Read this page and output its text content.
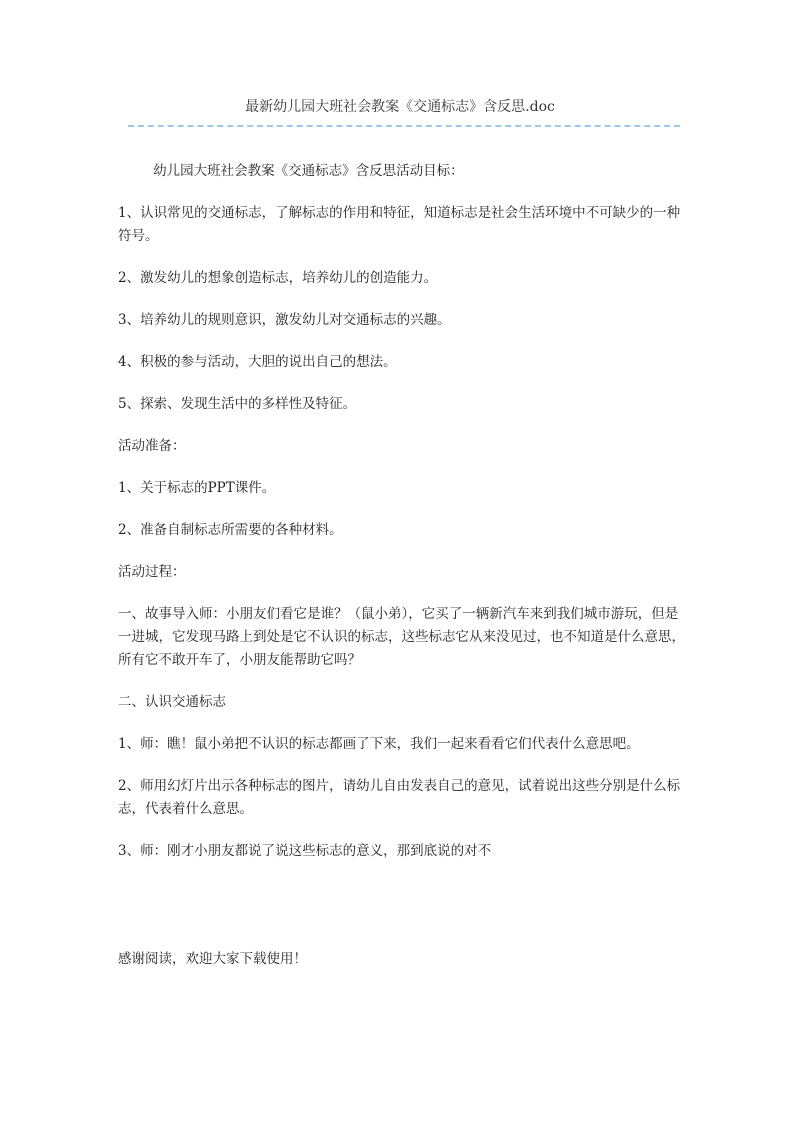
最新幼儿园大班社会教案《交通标志》含反思.doc

幼儿园大班社会教案《交通标志》含反思活动目标：

1、认识常见的交通标志，了解标志的作用和特征，知道标志是社会生活环境中不可缺少的一种符号。

2、激发幼儿的想象创造标志，培养幼儿的创造能力。

3、培养幼儿的规则意识，激发幼儿对交通标志的兴趣。

4、积极的参与活动，大胆的说出自己的想法。

5、探索、发现生活中的多样性及特征。

活动准备：

1、关于标志的PPT课件。

2、准备自制标志所需要的各种材料。

活动过程：

一、故事导入师：小朋友们看它是谁？（鼠小弟），它买了一辆新汽车来到我们城市游玩，但是一进城，它发现马路上到处是它不认识的标志，这些标志它从来没见过，也不知道是什么意思，所有它不敢开车了，小朋友能帮助它吗？

二、认识交通标志

1、师：瞧！鼠小弟把不认识的标志都画了下来，我们一起来看看它们代表什么意思吧。

2、师用幻灯片出示各种标志的图片，请幼儿自由发表自己的意见，试着说出这些分别是什么标志，代表着什么意思。

3、师：刚才小朋友都说了说这些标志的意义，那到底说的对不

感谢阅读，欢迎大家下载使用！
